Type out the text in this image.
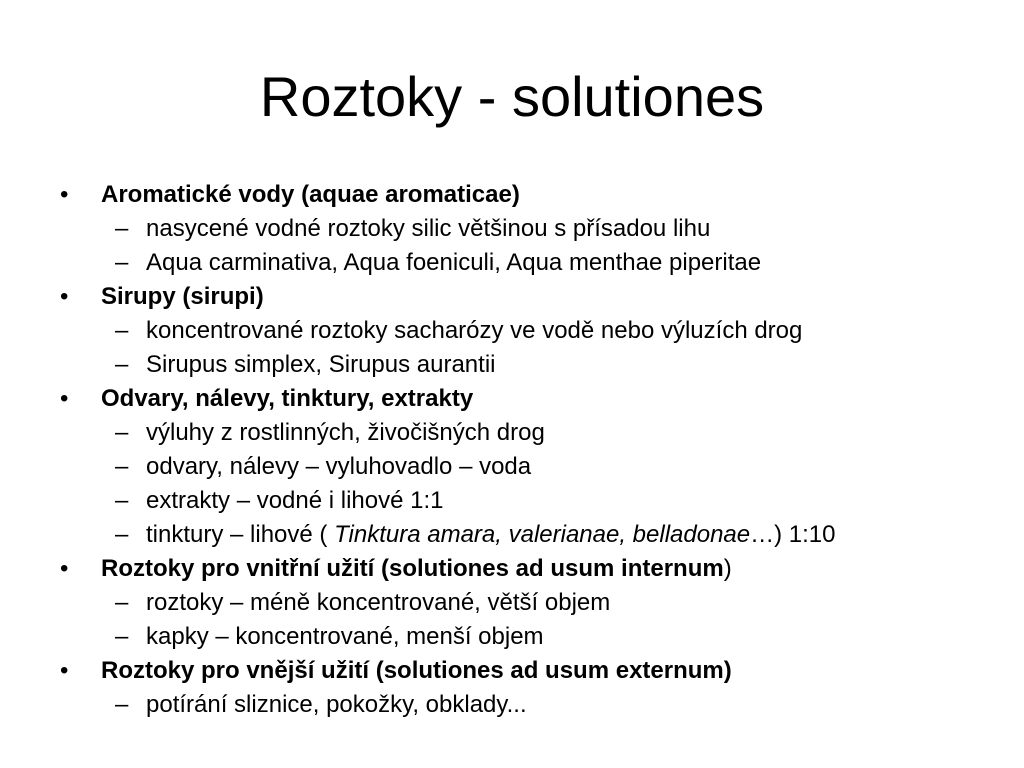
Roztoky - solutiones
•	Aromatické vody (aquae aromaticae)
– nasycené vodné roztoky silic většinou s přísadou lihu
– Aqua carminativa, Aqua foeniculi, Aqua menthae piperitae
•	Sirupy (sirupi)
– koncentrované roztoky sacharózy ve vodě nebo výluzích drog
– Sirupus simplex, Sirupus aurantii
•	Odvary, nálevy, tinktury, extrakty
– výluhy z rostlinných, živočišných drog
– odvary, nálevy – vyluhovadlo – voda
– extrakty – vodné i lihové 1:1
– tinktury – lihové ( Tinktura amara, valerianae, belladonae…) 1:10
•	Roztoky pro vnitřní užití (solutiones ad usum internum)
– roztoky – méně koncentrované, větší objem
– kapky – koncentrované, menší objem
•	Roztoky pro vnější užití (solutiones ad usum externum)
– potírání sliznice, pokožky, obklady...
